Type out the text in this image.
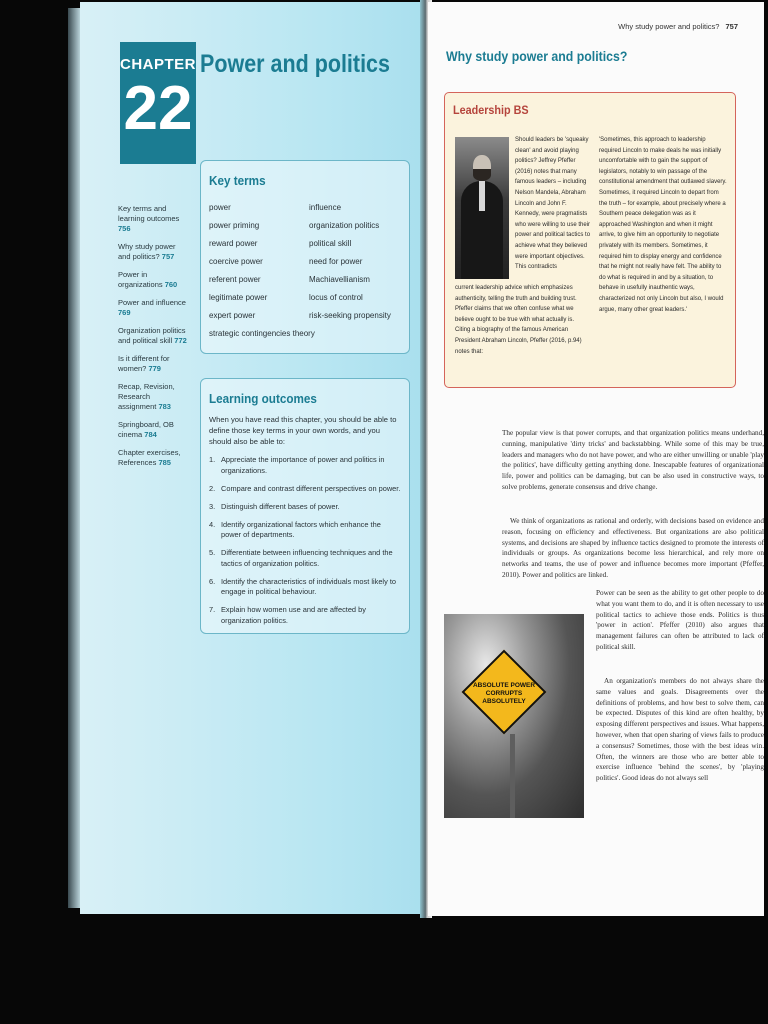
CHAPTER
22
Power and politics
Key terms and learning outcomes 756
Why study power and politics? 757
Power in organizations 760
Power and influence 769
Organization politics and political skill 772
Is it different for women? 779
Recap, Revision, Research assignment 783
Springboard, OB cinema 784
Chapter exercises, References 785
Key terms
power
power priming
reward power
coercive power
referent power
legitimate power
expert power
strategic contingencies theory
influence
organization politics
political skill
need for power
Machiavellianism
locus of control
risk-seeking propensity
Learning outcomes

When you have read this chapter, you should be able to define those key terms in your own words, and you should also be able to:

1. Appreciate the importance of power and politics in organizations.
2. Compare and contrast different perspectives on power.
3. Distinguish different bases of power.
4. Identify organizational factors which enhance the power of departments.
5. Differentiate between influencing techniques and the tactics of organization politics.
6. Identify the characteristics of individuals most likely to engage in political behaviour.
7. Explain how women use and are affected by organization politics.
Why study power and politics? 757
Why study power and politics?
Leadership BS

Should leaders be 'squeaky clean' and avoid playing politics? Jeffrey Pfeffer (2016) notes that many famous leaders – including Nelson Mandela, Abraham Lincoln and John F. Kennedy, were pragmatists who were willing to use their power and political tactics to achieve what they believed were important objectives. This contradicts

current leadership advice which emphasizes authenticity, telling the truth and building trust. Pfeffer claims that we often confuse what we believe ought to be true with what actually is. Citing a biography of the famous American President Abraham Lincoln, Pfeffer (2016, p.94) notes that:

'Sometimes, this approach to leadership required Lincoln to make deals he was initially uncomfortable with to gain the support of legislators, notably to win passage of the constitutional amendment that outlawed slavery. Sometimes, it required Lincoln to depart from the truth – for example, about precisely where a Southern peace delegation was as it approached Washington and when it might arrive, to give him an opportunity to negotiate privately with its members. Sometimes, it required him to display energy and confidence that he might not really have felt. The ability to do what is required in and by a situation, to behave in usefully inauthentic ways, characterized not only Lincoln but also, I would argue, many other great leaders.'

The popular view is that power corrupts, and that organization politics means underhand, cunning, manipulative 'dirty tricks' and backstabbing. While some of this may be true, leaders and managers who do not have power, and who are either unwilling or unable 'play the politics', have difficulty getting anything done. Inescapable features of organizational life, power and politics can be damaging, but can be also used in constructive ways, to solve problems, generate consensus and drive change.

We think of organizations as rational and orderly, with decisions based on evidence and reason, focusing on efficiency and effectiveness. But organizations are also political systems, and decisions are shaped by influence tactics designed to promote the interests of individuals or groups. As organizations become less hierarchical, and rely more on networks and teams, the use of power and influence becomes more important (Pfeffer, 2010). Power and politics are linked.

ABSOLUTE POWER CORRUPTS ABSOLUTELY

Power can be seen as the ability to get other people to do what you want them to do, and it is often necessary to use political tactics to achieve those ends. Politics is thus 'power in action'. Pfeffer (2010) also argues that management failures can often be attributed to lack of political skill.

An organization's members do not always share the same values and goals. Disagreements over the definitions of problems, and how best to solve them, can be expected. Disputes of this kind are often healthy, by exposing different perspectives and issues. What happens, however, when that open sharing of views fails to produce a consensus? Sometimes, those with the best ideas win. Often, the winners are those who are better able to exercise influence 'behind the scenes', by 'playing politics'. Good ideas do not always sell
